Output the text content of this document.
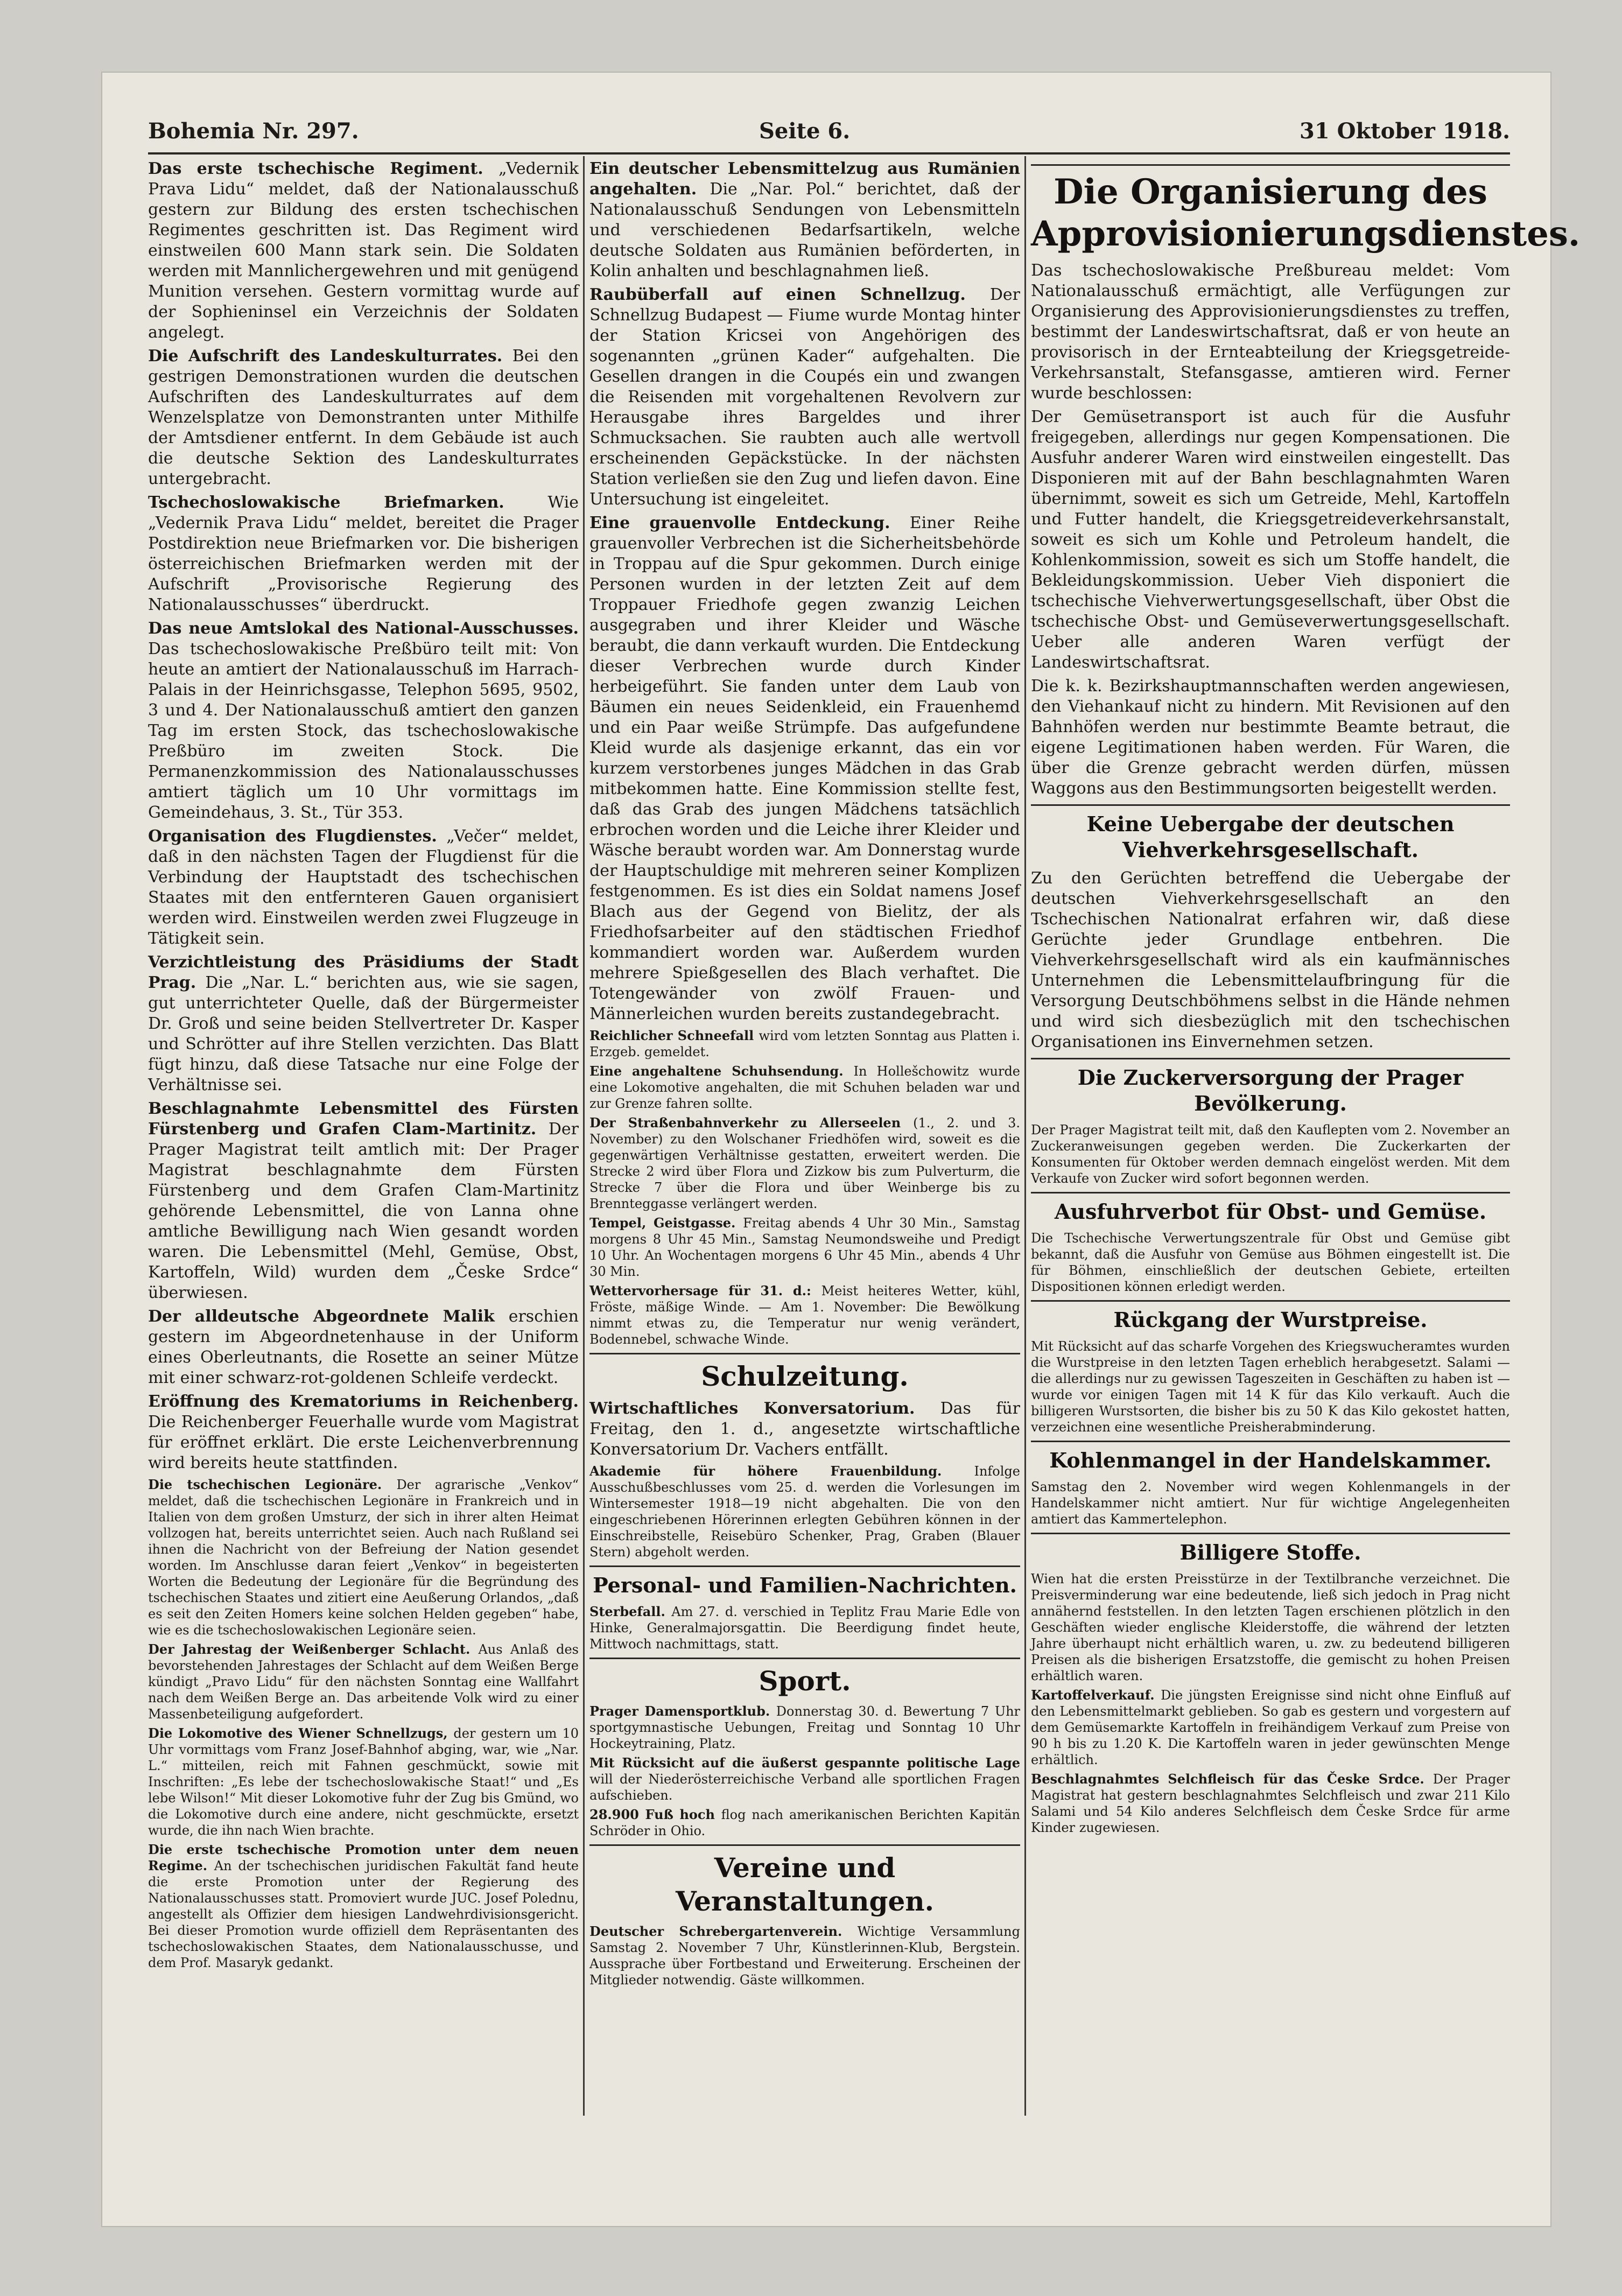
Bohemia Nr. 297.	Seite 6.	31 Oktober 1918.

Das erste tschechische Regiment. „Vedernik Prava Lidu“ meldet, daß der Nationalausschuß gestern zur Bildung des ersten tschechischen Regimentes geschritten ist. Das Regiment wird einstweilen 600 Mann stark sein. Die Soldaten werden mit Mannlichergewehren und mit genügend Munition versehen. Gestern vormittag wurde auf der Sophieninsel ein Verzeichnis der Soldaten angelegt.

Die Aufschrift des Landeskulturrates. Bei den gestrigen Demonstrationen wurden die deutschen Aufschriften des Landeskulturrates auf dem Wenzelsplatze von Demonstranten unter Mithilfe der Amtsdiener entfernt. In dem Gebäude ist auch die deutsche Sektion des Landeskulturrates untergebracht.

Tschechoslowakische Briefmarken. Wie „Vedernik Prava Lidu“ meldet, bereitet die Prager Postdirektion neue Briefmarken vor. Die bisherigen österreichischen Briefmarken werden mit der Aufschrift „Provisorische Regierung des Nationalausschusses“ überdruckt.

Das neue Amtslokal des National-Ausschusses. Das tschechoslowakische Preßbüro teilt mit: Von heute an amtiert der Nationalausschuß im Harrach-Palais in der Heinrichsgasse, Telephon 5695, 9502, 3 und 4. Der Nationalausschuß amtiert den ganzen Tag im ersten Stock, das tschechoslowakische Preßbüro im zweiten Stock. Die Permanenzkommission des Nationalausschusses amtiert täglich um 10 Uhr vormittags im Gemeindehaus, 3. St., Tür 353.

Organisation des Flugdienstes. „Večer“ meldet, daß in den nächsten Tagen der Flugdienst für die Verbindung der Hauptstadt des tschechischen Staates mit den entfernteren Gauen organisiert werden wird. Einstweilen werden zwei Flugzeuge in Tätigkeit sein.

Verzichtleistung des Präsidiums der Stadt Prag. Die „Nar. L.“ berichten aus, wie sie sagen, gut unterrichteter Quelle, daß der Bürgermeister Dr. Groß und seine beiden Stellvertreter Dr. Kasper und Schrötter auf ihre Stellen verzichten. Das Blatt fügt hinzu, daß diese Tatsache nur eine Folge der Verhältnisse sei.

Beschlagnahmte Lebensmittel des Fürsten Fürstenberg und Grafen Clam-Martinitz. Der Prager Magistrat teilt amtlich mit: Der Prager Magistrat beschlagnahmte dem Fürsten Fürstenberg und dem Grafen Clam-Martinitz gehörende Lebensmittel, die von Lanna ohne amtliche Bewilligung nach Wien gesandt worden waren. Die Lebensmittel (Mehl, Gemüse, Obst, Kartoffeln, Wild) wurden dem „Česke Srdce“ überwiesen.

Der alldeutsche Abgeordnete Malik erschien gestern im Abgeordnetenhause in der Uniform eines Oberleutnants, die Rosette an seiner Mütze mit einer schwarz-rot-goldenen Schleife verdeckt.

Eröffnung des Krematoriums in Reichenberg. Die Reichenberger Feuerhalle wurde vom Magistrat für eröffnet erklärt. Die erste Leichenverbrennung wird bereits heute stattfinden.

Die tschechischen Legionäre. Der agrarische „Venkov“ meldet, daß die tschechischen Legionäre in Frankreich und in Italien von dem großen Umsturz, der sich in ihrer alten Heimat vollzogen hat, bereits unterrichtet seien. Auch nach Rußland sei ihnen die Nachricht von der Befreiung der Nation gesendet worden. Im Anschlusse daran feiert „Venkov“ in begeisterten Worten die Bedeutung der Legionäre für die Begründung des tschechischen Staates und zitiert eine Aeußerung Orlandos, „daß es seit den Zeiten Homers keine solchen Helden gegeben“ habe, wie es die tschechoslowakischen Legionäre seien.

Der Jahrestag der Weißenberger Schlacht. Aus Anlaß des bevorstehenden Jahrestages der Schlacht auf dem Weißen Berge kündigt „Pravo Lidu“ für den nächsten Sonntag eine Wallfahrt nach dem Weißen Berge an. Das arbeitende Volk wird zu einer Massenbeteiligung aufgefordert.

Die Lokomotive des Wiener Schnellzugs, der gestern um 10 Uhr vormittags vom Franz Josef-Bahnhof abging, war, wie „Nar. L.“ mitteilen, reich mit Fahnen geschmückt, sowie mit Inschriften: „Es lebe der tschechoslowakische Staat!“ und „Es lebe Wilson!“ Mit dieser Lokomotive fuhr der Zug bis Gmünd, wo die Lokomotive durch eine andere, nicht geschmückte, ersetzt wurde, die ihn nach Wien brachte.

Die erste tschechische Promotion unter dem neuen Regime. An der tschechischen juridischen Fakultät fand heute die erste Promotion unter der Regierung des Nationalausschusses statt. Promoviert wurde JUC. Josef Polednu, angestellt als Offizier dem hiesigen Landwehrdivisionsgericht. Bei dieser Promotion wurde offiziell dem Repräsentanten des tschechoslowakischen Staates, dem Nationalausschusse, und dem Prof. Masaryk gedankt.

Ein deutscher Lebensmittelzug aus Rumänien angehalten. Die „Nar. Pol.“ berichtet, daß der Nationalausschuß Sendungen von Lebensmitteln und verschiedenen Bedarfsartikeln, welche deutsche Soldaten aus Rumänien beförderten, in Kolin anhalten und beschlagnahmen ließ.

Raubüberfall auf einen Schnellzug. Der Schnellzug Budapest — Fiume wurde Montag hinter der Station Kricsei von Angehörigen des sogenannten „grünen Kader“ aufgehalten. Die Gesellen drangen in die Coupés ein und zwangen die Reisenden mit vorgehaltenen Revolvern zur Herausgabe ihres Bargeldes und ihrer Schmucksachen. Sie raubten auch alle wertvoll erscheinenden Gepäckstücke. In der nächsten Station verließen sie den Zug und liefen davon. Eine Untersuchung ist eingeleitet.

Eine grauenvolle Entdeckung. Einer Reihe grauenvoller Verbrechen ist die Sicherheitsbehörde in Troppau auf die Spur gekommen. Durch einige Personen wurden in der letzten Zeit auf dem Troppauer Friedhofe gegen zwanzig Leichen ausgegraben und ihrer Kleider und Wäsche beraubt, die dann verkauft wurden. Die Entdeckung dieser Verbrechen wurde durch Kinder herbeigeführt. Sie fanden unter dem Laub von Bäumen ein neues Seidenkleid, ein Frauenhemd und ein Paar weiße Strümpfe. Das aufgefundene Kleid wurde als dasjenige erkannt, das ein vor kurzem verstorbenes junges Mädchen in das Grab mitbekommen hatte. Eine Kommission stellte fest, daß das Grab des jungen Mädchens tatsächlich erbrochen worden und die Leiche ihrer Kleider und Wäsche beraubt worden war. Am Donnerstag wurde der Hauptschuldige mit mehreren seiner Komplizen festgenommen. Es ist dies ein Soldat namens Josef Blach aus der Gegend von Bielitz, der als Friedhofsarbeiter auf den städtischen Friedhof kommandiert worden war. Außerdem wurden mehrere Spießgesellen des Blach verhaftet. Die Totengewänder von zwölf Frauen- und Männerleichen wurden bereits zustandegebracht.

Reichlicher Schneefall wird vom letzten Sonntag aus Platten i. Erzgeb. gemeldet.

Eine angehaltene Schuhsendung. In Hollešchowitz wurde eine Lokomotive angehalten, die mit Schuhen beladen war und zur Grenze fahren sollte.

Der Straßenbahnverkehr zu Allerseelen (1., 2. und 3. November) zu den Wolschaner Friedhöfen wird, soweit es die gegenwärtigen Verhältnisse gestatten, erweitert werden. Die Strecke 2 wird über Flora und Zizkow bis zum Pulverturm, die Strecke 7 über die Flora und über Weinberge bis zu Brennteggasse verlängert werden.

Tempel, Geistgasse. Freitag abends 4 Uhr 30 Min., Samstag morgens 8 Uhr 45 Min., Samstag Neumondsweihe und Predigt 10 Uhr. An Wochentagen morgens 6 Uhr 45 Min., abends 4 Uhr 30 Min.

Wettervorhersage für 31. d.: Meist heiteres Wetter, kühl, Fröste, mäßige Winde. — Am 1. November: Die Bewölkung nimmt etwas zu, die Temperatur nur wenig verändert, Bodennebel, schwache Winde.

Schulzeitung.

Wirtschaftliches Konversatorium. Das für Freitag, den 1. d., angesetzte wirtschaftliche Konversatorium Dr. Vachers entfällt.

Akademie für höhere Frauenbildung. Infolge Ausschußbeschlusses vom 25. d. werden die Vorlesungen im Wintersemester 1918—19 nicht abgehalten. Die von den eingeschriebenen Hörerinnen erlegten Gebühren können in der Einschreibstelle, Reisebüro Schenker, Prag, Graben (Blauer Stern) abgeholt werden.

Personal- und Familien-Nachrichten.

Sterbefall. Am 27. d. verschied in Teplitz Frau Marie Edle von Hinke, Generalmajorsgattin. Die Beerdigung findet heute, Mittwoch nachmittags, statt.

Sport.

Prager Damensportklub. Donnerstag 30. d. Bewertung 7 Uhr sportgymnastische Uebungen, Freitag und Sonntag 10 Uhr Hockeytraining, Platz.

Mit Rücksicht auf die äußerst gespannte politische Lage will der Niederösterreichische Verband alle sportlichen Fragen aufschieben.

28.900 Fuß hoch flog nach amerikanischen Berichten Kapitän Schröder in Ohio.

Vereine und Veranstaltungen.

Deutscher Schrebergartenverein. Wichtige Versammlung Samstag 2. November 7 Uhr, Künstlerinnen-Klub, Bergstein. Aussprache über Fortbestand und Erweiterung. Erscheinen der Mitglieder notwendig. Gäste willkommen.

Die Organisierung des Approvisionierungsdienstes.

Das tschechoslowakische Preßbureau meldet: Vom Nationalausschuß ermächtigt, alle Verfügungen zur Organisierung des Approvisionierungsdienstes zu treffen, bestimmt der Landeswirtschaftsrat, daß er von heute an provisorisch in der Ernteabteilung der Kriegsgetreide-Verkehrsanstalt, Stefansgasse, amtieren wird. Ferner wurde beschlossen:

Der Gemüsetransport ist auch für die Ausfuhr freigegeben, allerdings nur gegen Kompensationen. Die Ausfuhr anderer Waren wird einstweilen eingestellt. Das Disponieren mit auf der Bahn beschlagnahmten Waren übernimmt, soweit es sich um Getreide, Mehl, Kartoffeln und Futter handelt, die Kriegsgetreideverkehrsanstalt, soweit es sich um Kohle und Petroleum handelt, die Kohlenkommission, soweit es sich um Stoffe handelt, die Bekleidungskommission. Ueber Vieh disponiert die tschechische Viehverwertungsgesellschaft, über Obst die tschechische Obst- und Gemüseverwertungsgesellschaft. Ueber alle anderen Waren verfügt der Landeswirtschaftsrat.

Die k. k. Bezirkshauptmannschaften werden angewiesen, den Viehankauf nicht zu hindern. Mit Revisionen auf den Bahnhöfen werden nur bestimmte Beamte betraut, die eigene Legitimationen haben werden. Für Waren, die über die Grenze gebracht werden dürfen, müssen Waggons aus den Bestimmungsorten beigestellt werden.

Keine Uebergabe der deutschen Viehverkehrsgesellschaft.

Zu den Gerüchten betreffend die Uebergabe der deutschen Viehverkehrsgesellschaft an den Tschechischen Nationalrat erfahren wir, daß diese Gerüchte jeder Grundlage entbehren. Die Viehverkehrsgesellschaft wird als ein kaufmännisches Unternehmen die Lebensmittelaufbringung für die Versorgung Deutschböhmens selbst in die Hände nehmen und wird sich diesbezüglich mit den tschechischen Organisationen ins Einvernehmen setzen.

Die Zuckerversorgung der Prager Bevölkerung.

Der Prager Magistrat teilt mit, daß den Kauflepten vom 2. November an Zuckeranweisungen gegeben werden. Die Zuckerkarten der Konsumenten für Oktober werden demnach eingelöst werden. Mit dem Verkaufe von Zucker wird sofort begonnen werden.

Ausfuhrverbot für Obst- und Gemüse.

Die Tschechische Verwertungszentrale für Obst und Gemüse gibt bekannt, daß die Ausfuhr von Gemüse aus Böhmen eingestellt ist. Die für Böhmen, einschließlich der deutschen Gebiete, erteilten Dispositionen können erledigt werden.

Rückgang der Wurstpreise.

Mit Rücksicht auf das scharfe Vorgehen des Kriegswucheramtes wurden die Wurstpreise in den letzten Tagen erheblich herabgesetzt. Salami — die allerdings nur zu gewissen Tageszeiten in Geschäften zu haben ist — wurde vor einigen Tagen mit 14 K für das Kilo verkauft. Auch die billigeren Wurstsorten, die bisher bis zu 50 K das Kilo gekostet hatten, verzeichnen eine wesentliche Preisherabminderung.

Kohlenmangel in der Handelskammer.

Samstag den 2. November wird wegen Kohlenmangels in der Handelskammer nicht amtiert. Nur für wichtige Angelegenheiten amtiert das Kammertelephon.

Billigere Stoffe.

Wien hat die ersten Preisstürze in der Textilbranche verzeichnet. Die Preisverminderung war eine bedeutende, ließ sich jedoch in Prag nicht annähernd feststellen. In den letzten Tagen erschienen plötzlich in den Geschäften wieder englische Kleiderstoffe, die während der letzten Jahre überhaupt nicht erhältlich waren, u. zw. zu bedeutend billigeren Preisen als die bisherigen Ersatzstoffe, die gemischt zu hohen Preisen erhältlich waren.

Kartoffelverkauf. Die jüngsten Ereignisse sind nicht ohne Einfluß auf den Lebensmittelmarkt geblieben. So gab es gestern und vorgestern auf dem Gemüsemarkte Kartoffeln in freihändigem Verkauf zum Preise von 90 h bis zu 1.20 K. Die Kartoffeln waren in jeder gewünschten Menge erhältlich.

Beschlagnahmtes Selchfleisch für das Česke Srdce. Der Prager Magistrat hat gestern beschlagnahmtes Selchfleisch und zwar 211 Kilo Salami und 54 Kilo anderes Selchfleisch dem Česke Srdce für arme Kinder zugewiesen.
